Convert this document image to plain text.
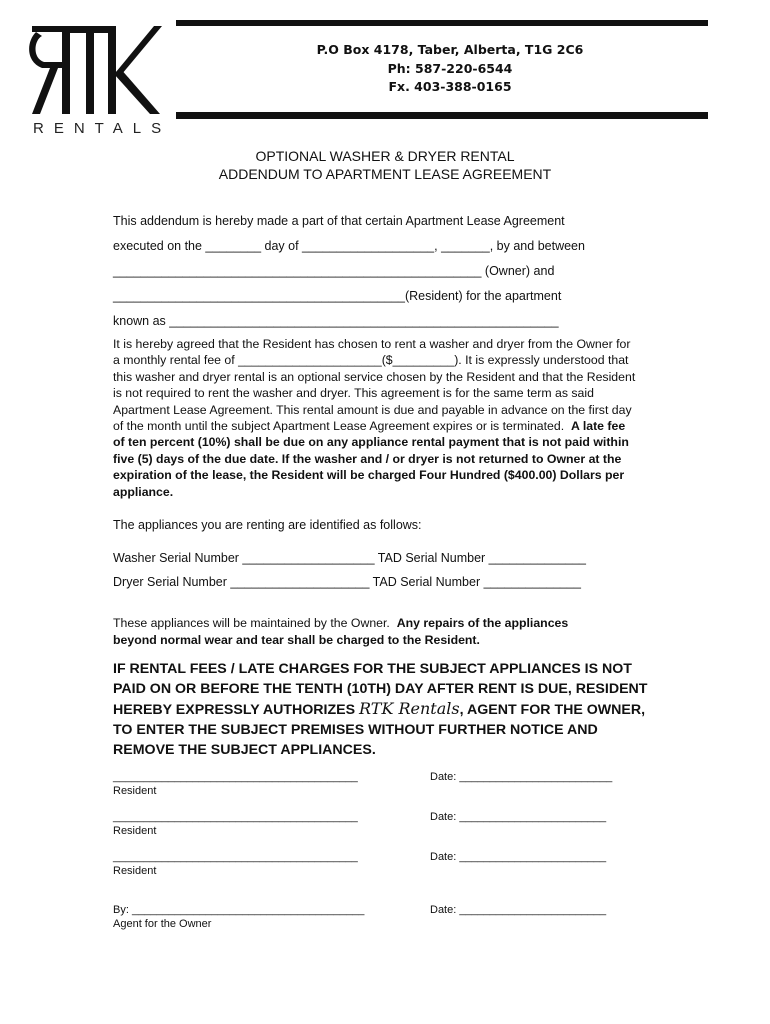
RENTALS
P.O Box 4178, Taber, Alberta, T1G 2C6
Ph: 587-220-6544
Fx. 403-388-0165
OPTIONAL WASHER & DRYER RENTAL
ADDENDUM TO APARTMENT LEASE AGREEMENT
This addendum is hereby made a part of that certain Apartment Lease Agreement
executed on the ________ day of ___________________, _______, by and between
_____________________________________________________ (Owner) and
__________________________________________(Resident) for the apartment
known as ________________________________________________________
It is hereby agreed that the Resident has chosen to rent a washer and dryer from the Owner for
a monthly rental fee of _____________________($_________). It is expressly understood that
this washer and dryer rental is an optional service chosen by the Resident and that the Resident
is not required to rent the washer and dryer. This agreement is for the same term as said
Apartment Lease Agreement. This rental amount is due and payable in advance on the first day
of the month until the subject Apartment Lease Agreement expires or is terminated. A late fee
of ten percent (10%) shall be due on any appliance rental payment that is not paid within
five (5) days of the due date. If the washer and / or dryer is not returned to Owner at the
expiration of the lease, the Resident will be charged Four Hundred ($400.00) Dollars per
appliance.
The appliances you are renting are identified as follows:
Washer Serial Number ___________________ TAD Serial Number ______________
Dryer Serial Number ____________________ TAD Serial Number ______________
These appliances will be maintained by the Owner. Any repairs of the appliances
beyond normal wear and tear shall be charged to the Resident.
IF RENTAL FEES / LATE CHARGES FOR THE SUBJECT APPLIANCES IS NOT
PAID ON OR BEFORE THE TENTH (10TH) DAY AFTER RENT IS DUE, RESIDENT
HEREBY EXPRESSLY AUTHORIZES RTK Rentals, AGENT FOR THE OWNER,
TO ENTER THE SUBJECT PREMISES WITHOUT FURTHER NOTICE AND
REMOVE THE SUBJECT APPLIANCES.
________________________________________
Resident
Date: _________________________
________________________________________
Resident
Date: ________________________
________________________________________
Resident
Date: ________________________
By: ______________________________________
Agent for the Owner
Date: ________________________
